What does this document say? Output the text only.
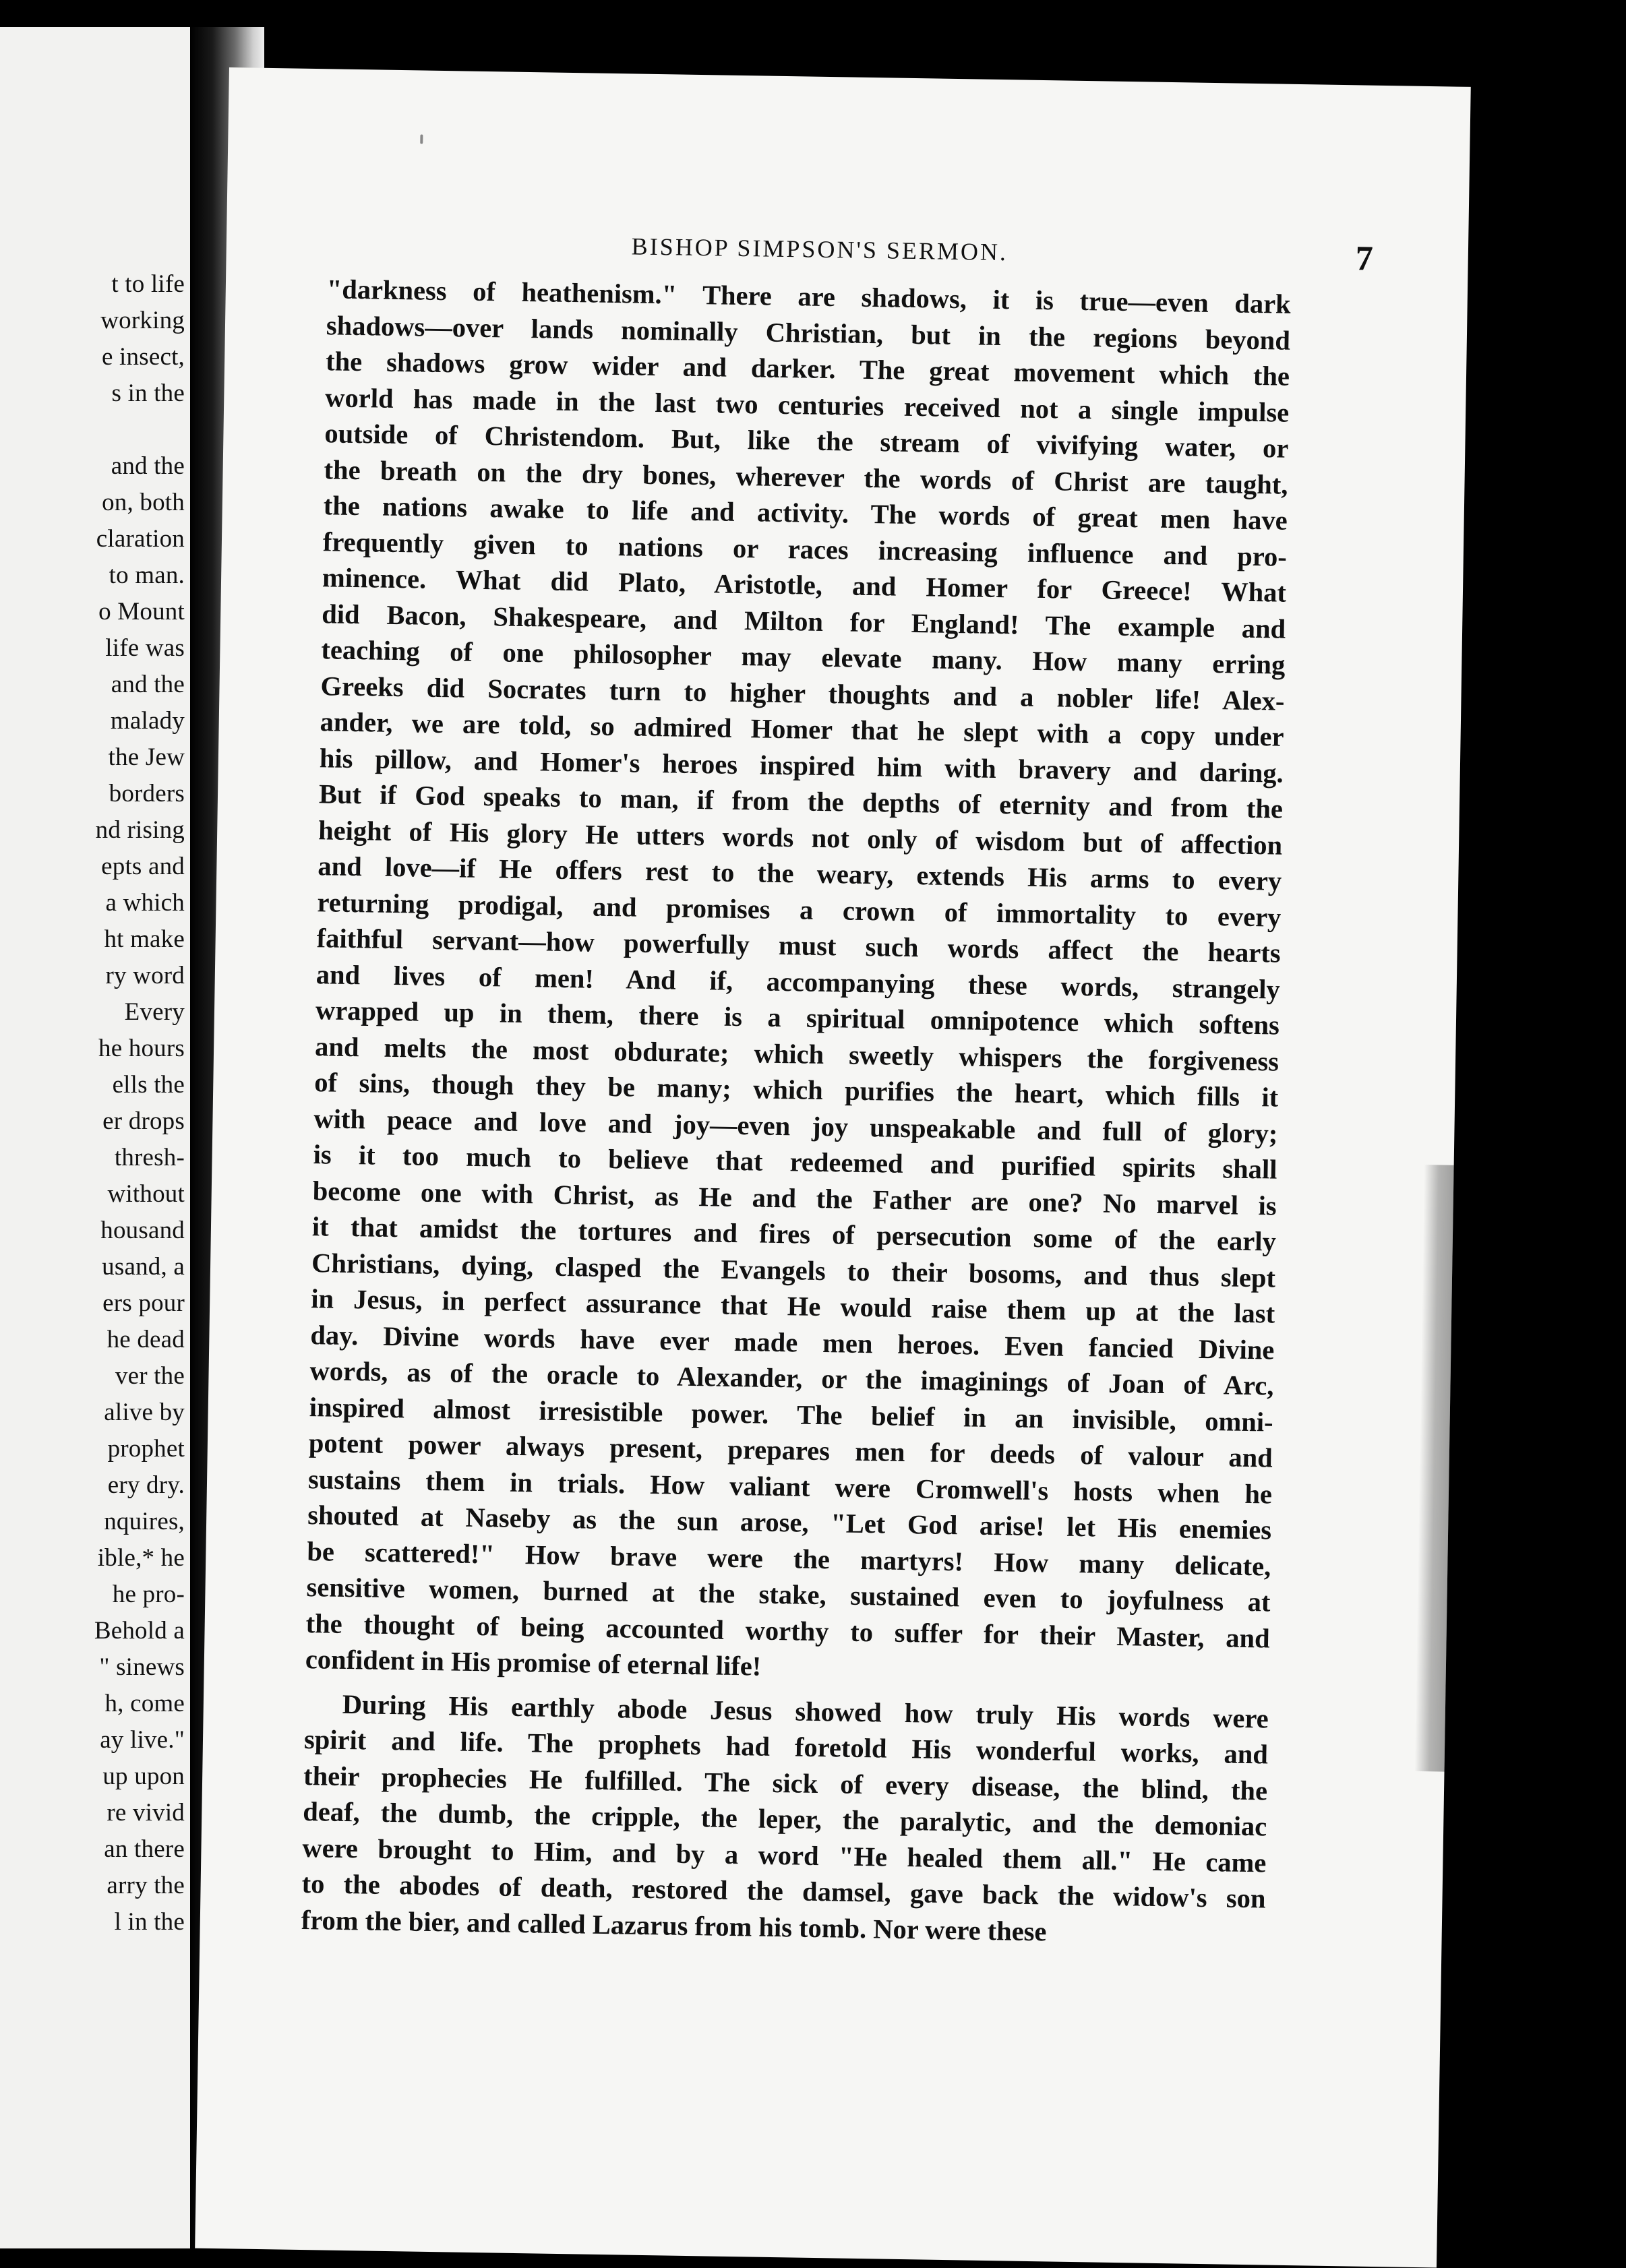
t to life
working
e insect,
s in the
and the
on, both
claration
to man.
o Mount
life was
and the
malady
the Jew
borders
nd rising
epts and
a which
ht make
ry word
Every
he hours
ells the
er drops
thresh-
without
housand
usand, a
ers pour
he dead
ver the
alive by
prophet
ery dry.
nquires,
ible,* he
he pro-
Behold a
" sinews
h, come
ay live."
up upon
re vivid
an there
arry the
l in the
BISHOP SIMPSON'S SERMON.	7
"darkness of heathenism." There are shadows, it is true—even dark
shadows—over lands nominally Christian, but in the regions beyond
the shadows grow wider and darker. The great movement which the
world has made in the last two centuries received not a single impulse
outside of Christendom. But, like the stream of vivifying water, or
the breath on the dry bones, wherever the words of Christ are taught,
the nations awake to life and activity. The words of great men have
frequently given to nations or races increasing influence and pro-
minence. What did Plato, Aristotle, and Homer for Greece! What
did Bacon, Shakespeare, and Milton for England! The example and
teaching of one philosopher may elevate many. How many erring
Greeks did Socrates turn to higher thoughts and a nobler life! Alex-
ander, we are told, so admired Homer that he slept with a copy under
his pillow, and Homer's heroes inspired him with bravery and daring.
But if God speaks to man, if from the depths of eternity and from the
height of His glory He utters words not only of wisdom but of affection
and love—if He offers rest to the weary, extends His arms to every
returning prodigal, and promises a crown of immortality to every
faithful servant—how powerfully must such words affect the hearts
and lives of men! And if, accompanying these words, strangely
wrapped up in them, there is a spiritual omnipotence which softens
and melts the most obdurate; which sweetly whispers the forgiveness
of sins, though they be many; which purifies the heart, which fills it
with peace and love and joy—even joy unspeakable and full of glory;
is it too much to believe that redeemed and purified spirits shall
become one with Christ, as He and the Father are one? No marvel is
it that amidst the tortures and fires of persecution some of the early
Christians, dying, clasped the Evangels to their bosoms, and thus slept
in Jesus, in perfect assurance that He would raise them up at the last
day. Divine words have ever made men heroes. Even fancied Divine
words, as of the oracle to Alexander, or the imaginings of Joan of Arc,
inspired almost irresistible power. The belief in an invisible, omni-
potent power always present, prepares men for deeds of valour and
sustains them in trials. How valiant were Cromwell's hosts when he
shouted at Naseby as the sun arose, "Let God arise! let His enemies
be scattered!" How brave were the martyrs! How many delicate,
sensitive women, burned at the stake, sustained even to joyfulness at
the thought of being accounted worthy to suffer for their Master, and
confident in His promise of eternal life!
During His earthly abode Jesus showed how truly His words were
spirit and life. The prophets had foretold His wonderful works, and
their prophecies He fulfilled. The sick of every disease, the blind, the
deaf, the dumb, the cripple, the leper, the paralytic, and the demoniac
were brought to Him, and by a word "He healed them all." He came
to the abodes of death, restored the damsel, gave back the widow's son
from the bier, and called Lazarus from his tomb. Nor were these
